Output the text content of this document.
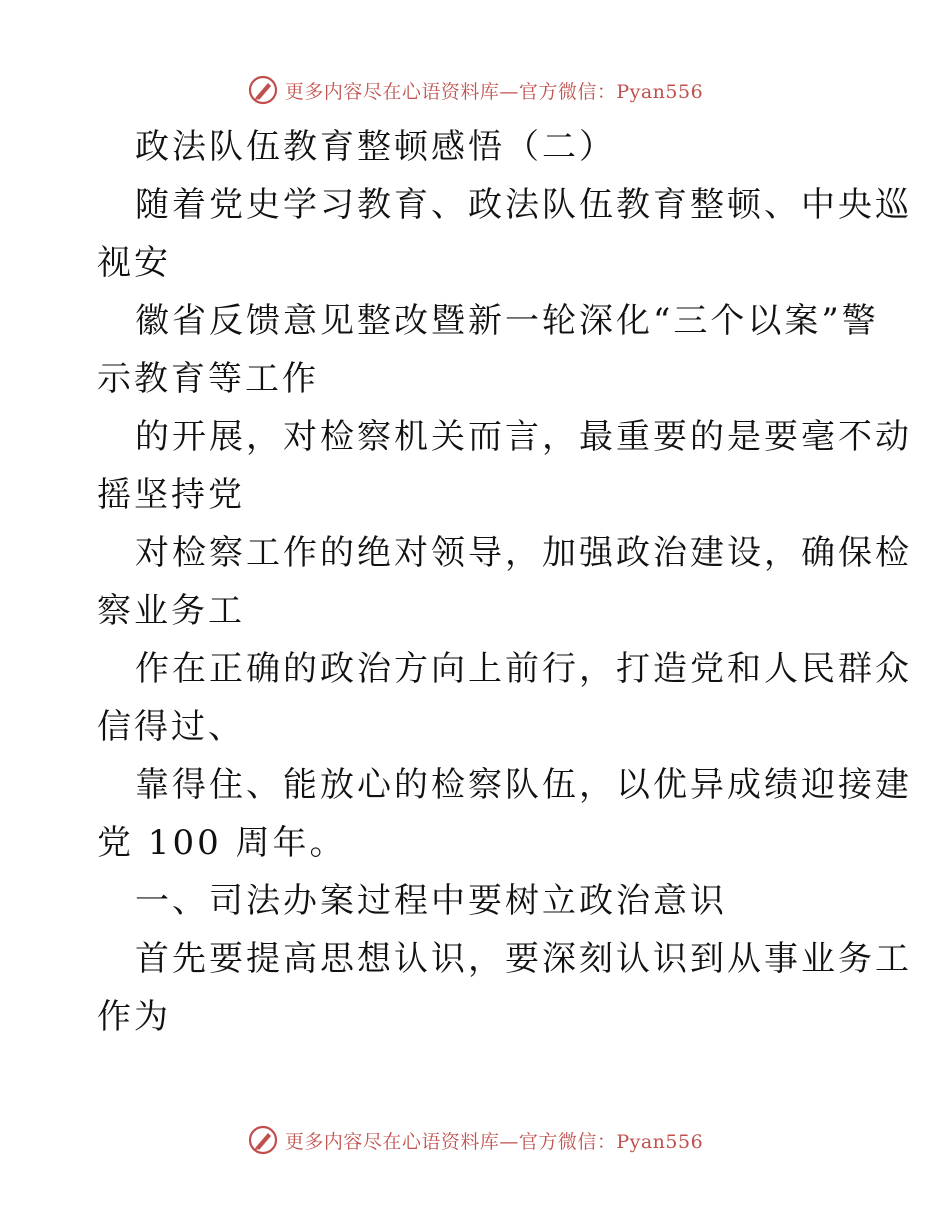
更多内容尽在心语资料库—官方微信：Pyan556

政法队伍教育整顿感悟（二）

随着党史学习教育、政法队伍教育整顿、中央巡

视安

徽省反馈意见整改暨新一轮深化“三个以案”警

示教育等工作

的开展，对检察机关而言，最重要的是要毫不动

摇坚持党

对检察工作的绝对领导，加强政治建设，确保检

察业务工

作在正确的政治方向上前行，打造党和人民群众

信得过、

靠得住、能放心的检察队伍，以优异成绩迎接建

党 100 周年。

一、司法办案过程中要树立政治意识

首先要提高思想认识，要深刻认识到从事业务工

作为

更多内容尽在心语资料库—官方微信：Pyan556
